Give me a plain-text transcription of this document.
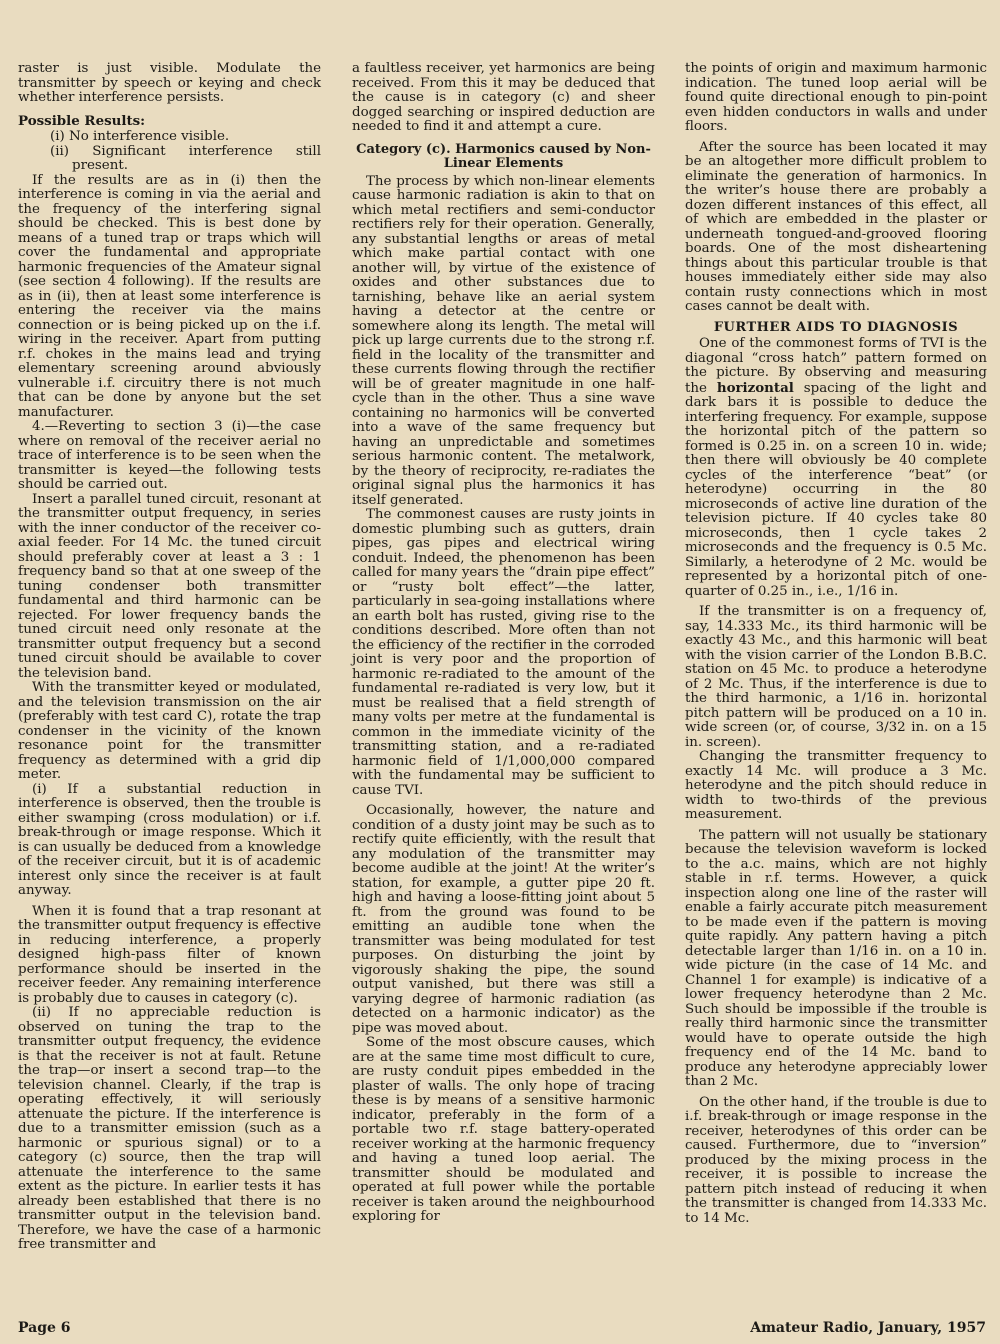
raster is just visible. Modulate the transmitter by speech or keying and check whether interference persists.

Possible Results:
(i) No interference visible.
(ii) Significant interference still present.

If the results are as in (i) then the interference is coming in via the aerial and the frequency of the interfering signal should be checked. This is best done by means of a tuned trap or traps which will cover the fundamental and appropriate harmonic frequencies of the Amateur signal (see section 4 following). If the results are as in (ii), then at least some interference is entering the receiver via the mains connection or is being picked up on the i.f. wiring in the receiver. Apart from putting r.f. chokes in the mains lead and trying elementary screening around abviously vulnerable i.f. circuitry there is not much that can be done by anyone but the set manufacturer.

4.—Reverting to section 3 (i)—the case where on removal of the receiver aerial no trace of interference is to be seen when the transmitter is keyed—the following tests should be carried out.

Insert a parallel tuned circuit, resonant at the transmitter output frequency, in series with the inner conductor of the receiver co-axial feeder. For 14 Mc. the tuned circuit should preferably cover at least a 3 : 1 frequency band so that at one sweep of the tuning condenser both transmitter fundamental and third harmonic can be rejected. For lower frequency bands the tuned circuit need only resonate at the transmitter output frequency but a second tuned circuit should be available to cover the television band.

With the transmitter keyed or modulated, and the television transmission on the air (preferably with test card C), rotate the trap condenser in the vicinity of the known resonance point for the transmitter frequency as determined with a grid dip meter.

(i) If a substantial reduction in interference is observed, then the trouble is either swamping (cross modulation) or i.f. break-through or image response. Which it is can usually be deduced from a knowledge of the receiver circuit, but it is of academic interest only since the receiver is at fault anyway.

When it is found that a trap resonant at the transmitter output frequency is effective in reducing interference, a properly designed high-pass filter of known performance should be inserted in the receiver feeder. Any remaining interference is probably due to causes in category (c).

(ii) If no appreciable reduction is observed on tuning the trap to the transmitter output frequency, the evidence is that the receiver is not at fault. Retune the trap—or insert a second trap—to the television channel. Clearly, if the trap is operating effectively, it will seriously attenuate the picture. If the interference is due to a transmitter emission (such as a harmonic or spurious signal) or to a category (c) source, then the trap will attenuate the interference to the same extent as the picture. In earlier tests it has already been established that there is no transmitter output in the television band. Therefore, we have the case of a harmonic free transmitter and

a faultless receiver, yet harmonics are being received. From this it may be deduced that the cause is in category (c) and sheer dogged searching or inspired deduction are needed to find it and attempt a cure.

Category (c). Harmonics caused by Non-Linear Elements

The process by which non-linear elements cause harmonic radiation is akin to that on which metal rectifiers and semi-conductor rectifiers rely for their operation. Generally, any substantial lengths or areas of metal which make partial contact with one another will, by virtue of the existence of oxides and other substances due to tarnishing, behave like an aerial system having a detector at the centre or somewhere along its length. The metal will pick up large currents due to the strong r.f. field in the locality of the transmitter and these currents flowing through the rectifier will be of greater magnitude in one half-cycle than in the other. Thus a sine wave containing no harmonics will be converted into a wave of the same frequency but having an unpredictable and sometimes serious harmonic content. The metalwork, by the theory of reciprocity, re-radiates the original signal plus the harmonics it has itself generated.

The commonest causes are rusty joints in domestic plumbing such as gutters, drain pipes, gas pipes and electrical wiring conduit. Indeed, the phenomenon has been called for many years the “drain pipe effect” or “rusty bolt effect”—the latter, particularly in sea-going installations where an earth bolt has rusted, giving rise to the conditions described. More often than not the efficiency of the rectifier in the corroded joint is very poor and the proportion of harmonic re-radiated to the amount of the fundamental re-radiated is very low, but it must be realised that a field strength of many volts per metre at the fundamental is common in the immediate vicinity of the transmitting station, and a re-radiated harmonic field of 1/1,000,000 compared with the fundamental may be sufficient to cause TVI.

Occasionally, however, the nature and condition of a dusty joint may be such as to rectify quite efficiently, with the result that any modulation of the transmitter may become audible at the joint! At the writer’s station, for example, a gutter pipe 20 ft. high and having a loose-fitting joint about 5 ft. from the ground was found to be emitting an audible tone when the transmitter was being modulated for test purposes. On disturbing the joint by vigorously shaking the pipe, the sound output vanished, but there was still a varying degree of harmonic radiation (as detected on a harmonic indicator) as the pipe was moved about.

Some of the most obscure causes, which are at the same time most difficult to cure, are rusty conduit pipes embedded in the plaster of walls. The only hope of tracing these is by means of a sensitive harmonic indicator, preferably in the form of a portable two r.f. stage battery-operated receiver working at the harmonic frequency and having a tuned loop aerial. The transmitter should be modulated and operated at full power while the portable receiver is taken around the neighbourhood exploring for

the points of origin and maximum harmonic indication. The tuned loop aerial will be found quite directional enough to pin-point even hidden conductors in walls and under floors.

After the source has been located it may be an altogether more difficult problem to eliminate the generation of harmonics. In the writer’s house there are probably a dozen different instances of this effect, all of which are embedded in the plaster or underneath tongued-and-grooved flooring boards. One of the most disheartening things about this particular trouble is that houses immediately either side may also contain rusty connections which in most cases cannot be dealt with.

FURTHER AIDS TO DIAGNOSIS

One of the commonest forms of TVI is the diagonal “cross hatch” pattern formed on the picture. By observing and measuring the horizontal spacing of the light and dark bars it is possible to deduce the interfering frequency. For example, suppose the horizontal pitch of the pattern so formed is 0.25 in. on a screen 10 in. wide; then there will obviously be 40 complete cycles of the interference “beat” (or heterodyne) occurring in the 80 microseconds of active line duration of the television picture. If 40 cycles take 80 microseconds, then 1 cycle takes 2 microseconds and the frequency is 0.5 Mc. Similarly, a heterodyne of 2 Mc. would be represented by a horizontal pitch of one-quarter of 0.25 in., i.e., 1/16 in.

If the transmitter is on a frequency of, say, 14.333 Mc., its third harmonic will be exactly 43 Mc., and this harmonic will beat with the vision carrier of the London B.B.C. station on 45 Mc. to produce a heterodyne of 2 Mc. Thus, if the interference is due to the third harmonic, a 1/16 in. horizontal pitch pattern will be produced on a 10 in. wide screen (or, of course, 3/32 in. on a 15 in. screen).

Changing the transmitter frequency to exactly 14 Mc. will produce a 3 Mc. heterodyne and the pitch should reduce in width to two-thirds of the previous measurement.

The pattern will not usually be stationary because the television waveform is locked to the a.c. mains, which are not highly stable in r.f. terms. However, a quick inspection along one line of the raster will enable a fairly accurate pitch measurement to be made even if the pattern is moving quite rapidly. Any pattern having a pitch detectable larger than 1/16 in. on a 10 in. wide picture (in the case of 14 Mc. and Channel 1 for example) is indicative of a lower frequency heterodyne than 2 Mc. Such should be impossible if the trouble is really third harmonic since the transmitter would have to operate outside the high frequency end of the 14 Mc. band to produce any heterodyne appreciably lower than 2 Mc.

On the other hand, if the trouble is due to i.f. break-through or image response in the receiver, heterodynes of this order can be caused. Furthermore, due to “inversion” produced by the mixing process in the receiver, it is possible to increase the pattern pitch instead of reducing it when the transmitter is changed from 14.333 Mc. to 14 Mc.

Page 6	Amateur Radio, January, 1957
